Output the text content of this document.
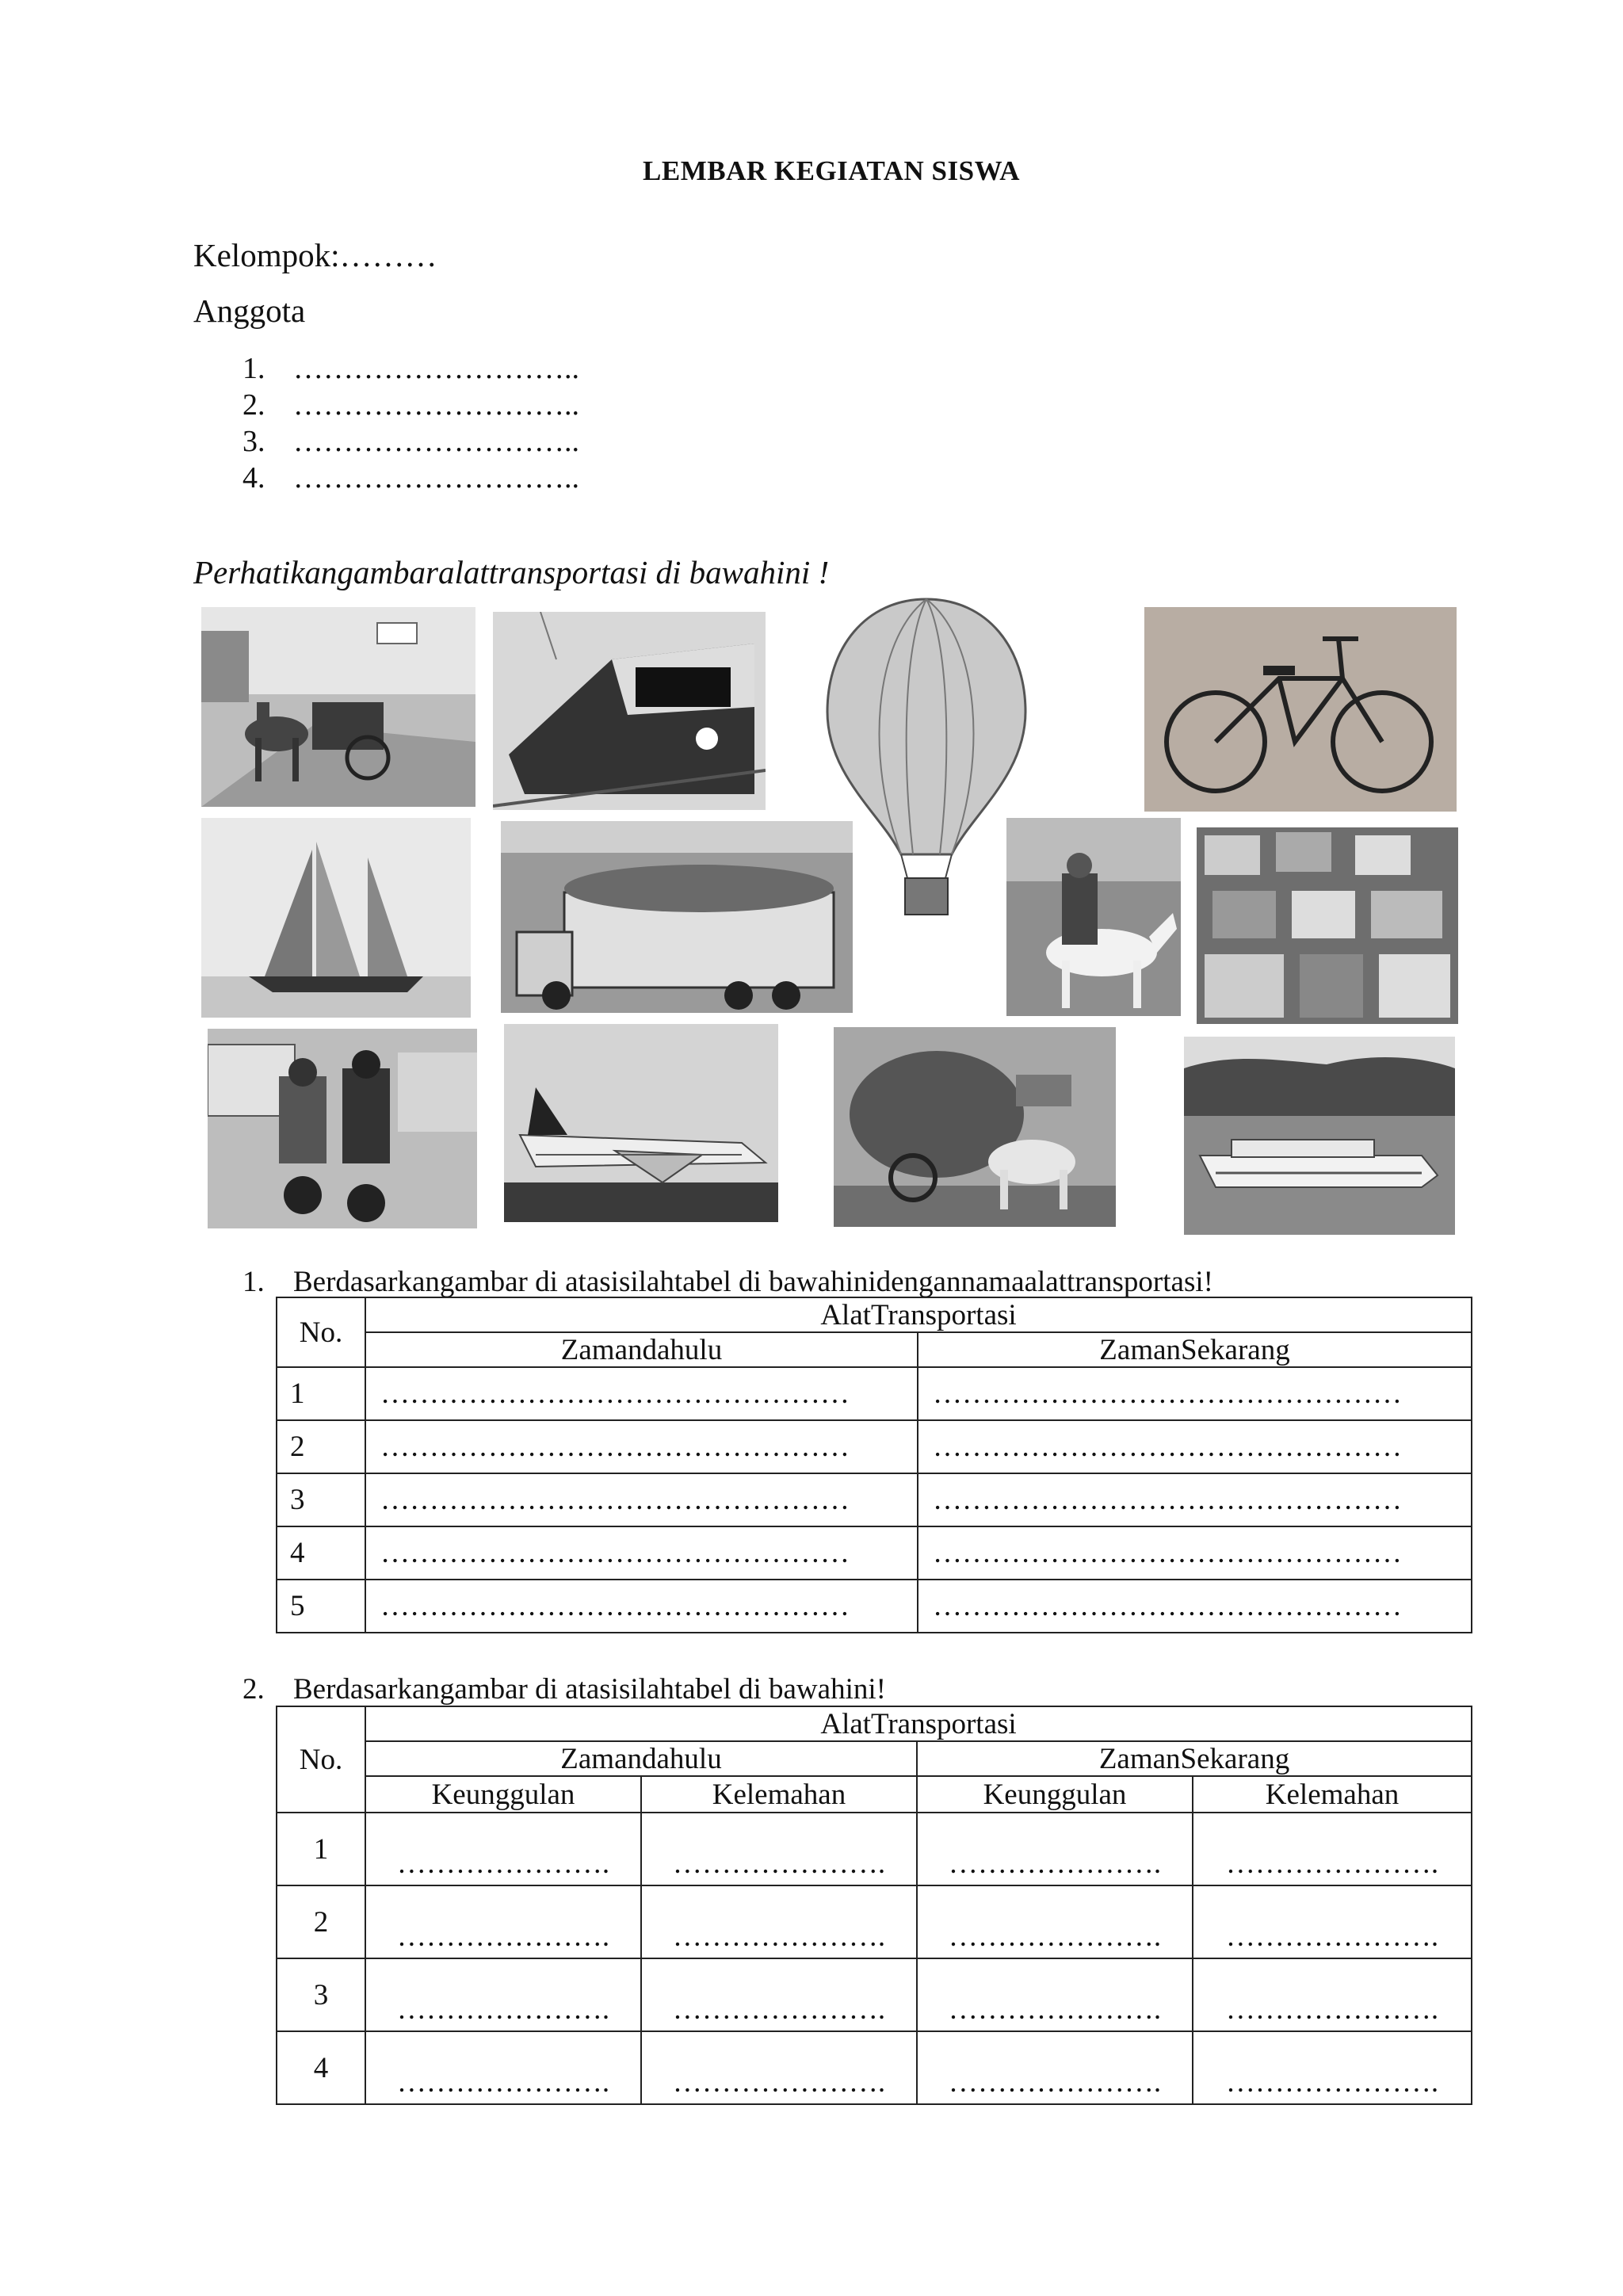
LEMBAR KEGIATAN SISWA
Kelompok:………
Anggota
1. ………………………..
2. ………………………..
3. ………………………..
4. ………………………..
Perhatikangambaralattransportasi di bawahini !
1. Berdasarkangambar di atasisilahtabel di bawahinidengannamaalattransportasi!
No.	AlatTransportasi	
	Zamandahulu	ZamanSekarang
1	…………………………………………	…………………………………………
2	…………………………………………	…………………………………………
3	…………………………………………	…………………………………………
4	…………………………………………	…………………………………………
5	…………………………………………	…………………………………………
2. Berdasarkangambar di atasisilahtabel di bawahini!
No.	AlatTransportasi			
	Zamandahulu		ZamanSekarang	
	Keunggulan	Kelemahan	Keunggulan	Kelemahan
1	………………….	………………….	………………….	………………….
2	………………….	………………….	………………….	………………….
3	………………….	………………….	………………….	………………….
4	………………….	………………….	………………….	………………….
